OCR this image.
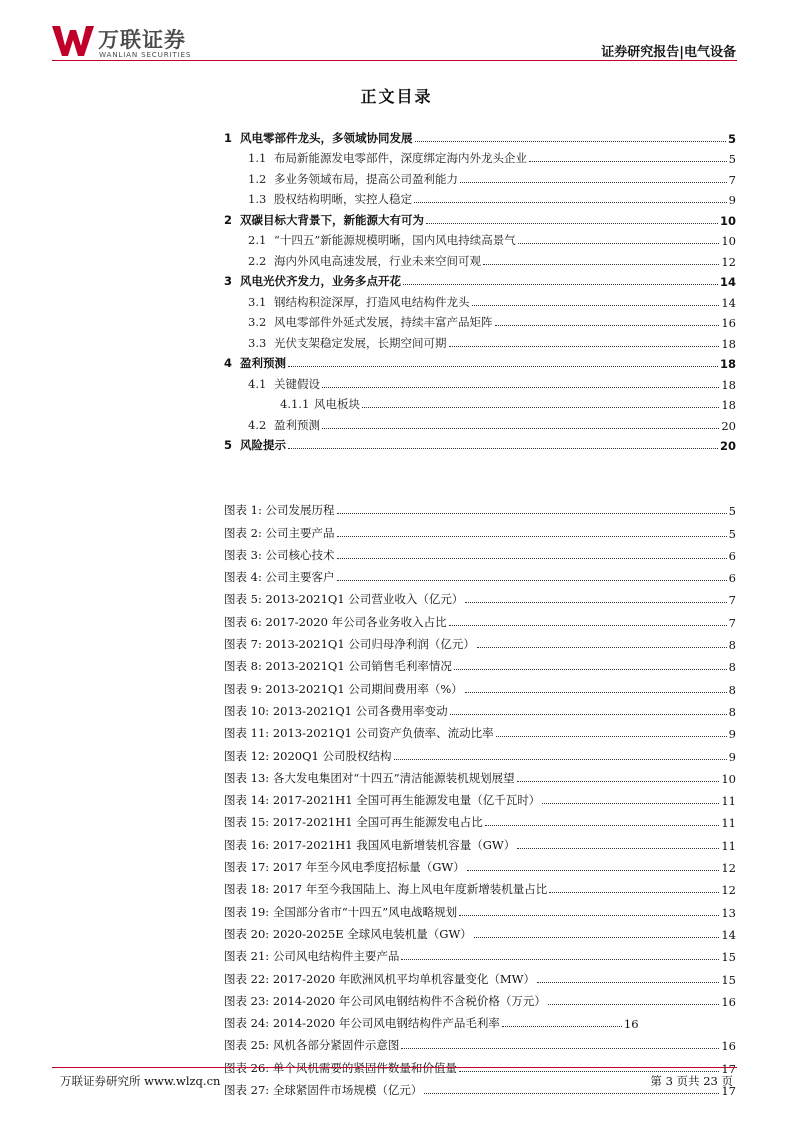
万联证券
WANLIAN SECURITIES	证券研究报告|电气设备
正文目录
1 风电零部件龙头，多领域协同发展	5
1.1 布局新能源发电零部件，深度绑定海内外龙头企业	5
1.2 多业务领域布局，提高公司盈利能力	7
1.3 股权结构明晰，实控人稳定	9
2 双碳目标大背景下，新能源大有可为	10
2.1 “十四五”新能源规模明晰，国内风电持续高景气	10
2.2 海内外风电高速发展，行业未来空间可观	12
3 风电光伏齐发力，业务多点开花	14
3.1 钢结构积淀深厚，打造风电结构件龙头	14
3.2 风电零部件外延式发展，持续丰富产品矩阵	16
3.3 光伏支架稳定发展，长期空间可期	18
4 盈利预测	18
4.1 关键假设	18
4.1.1 风电板块	18
4.2 盈利预测	20
5 风险提示	20
图表 1: 公司发展历程	5
图表 2: 公司主要产品	5
图表 3: 公司核心技术	6
图表 4: 公司主要客户	6
图表 5: 2013-2021Q1 公司营业收入（亿元）	7
图表 6: 2017-2020 年公司各业务收入占比	7
图表 7: 2013-2021Q1 公司归母净利润（亿元）	8
图表 8: 2013-2021Q1 公司销售毛利率情况	8
图表 9: 2013-2021Q1 公司期间费用率（%）	8
图表 10: 2013-2021Q1 公司各费用率变动	8
图表 11: 2013-2021Q1 公司资产负债率、流动比率	9
图表 12: 2020Q1 公司股权结构	9
图表 13: 各大发电集团对“十四五”清洁能源装机规划展望	10
图表 14: 2017-2021H1 全国可再生能源发电量（亿千瓦时）	11
图表 15: 2017-2021H1 全国可再生能源发电占比	11
图表 16: 2017-2021H1 我国风电新增装机容量（GW）	11
图表 17: 2017 年至今风电季度招标量（GW）	12
图表 18: 2017 年至今我国陆上、海上风电年度新增装机量占比	12
图表 19: 全国部分省市“十四五”风电战略规划	13
图表 20: 2020-2025E 全球风电装机量（GW）	14
图表 21: 公司风电结构件主要产品	15
图表 22: 2017-2020 年欧洲风机平均单机容量变化（MW）	15
图表 23: 2014-2020 年公司风电钢结构件不含税价格（万元）	16
图表 24: 2014-2020 年公司风电钢结构件产品毛利率	16
图表 25: 风机各部分紧固件示意图	16
图表 26: 单个风机需要的紧固件数量和价值量	17
图表 27: 全球紧固件市场规模（亿元）	17
万联证券研究所 www.wlzq.cn	第 3 页共 23 页
